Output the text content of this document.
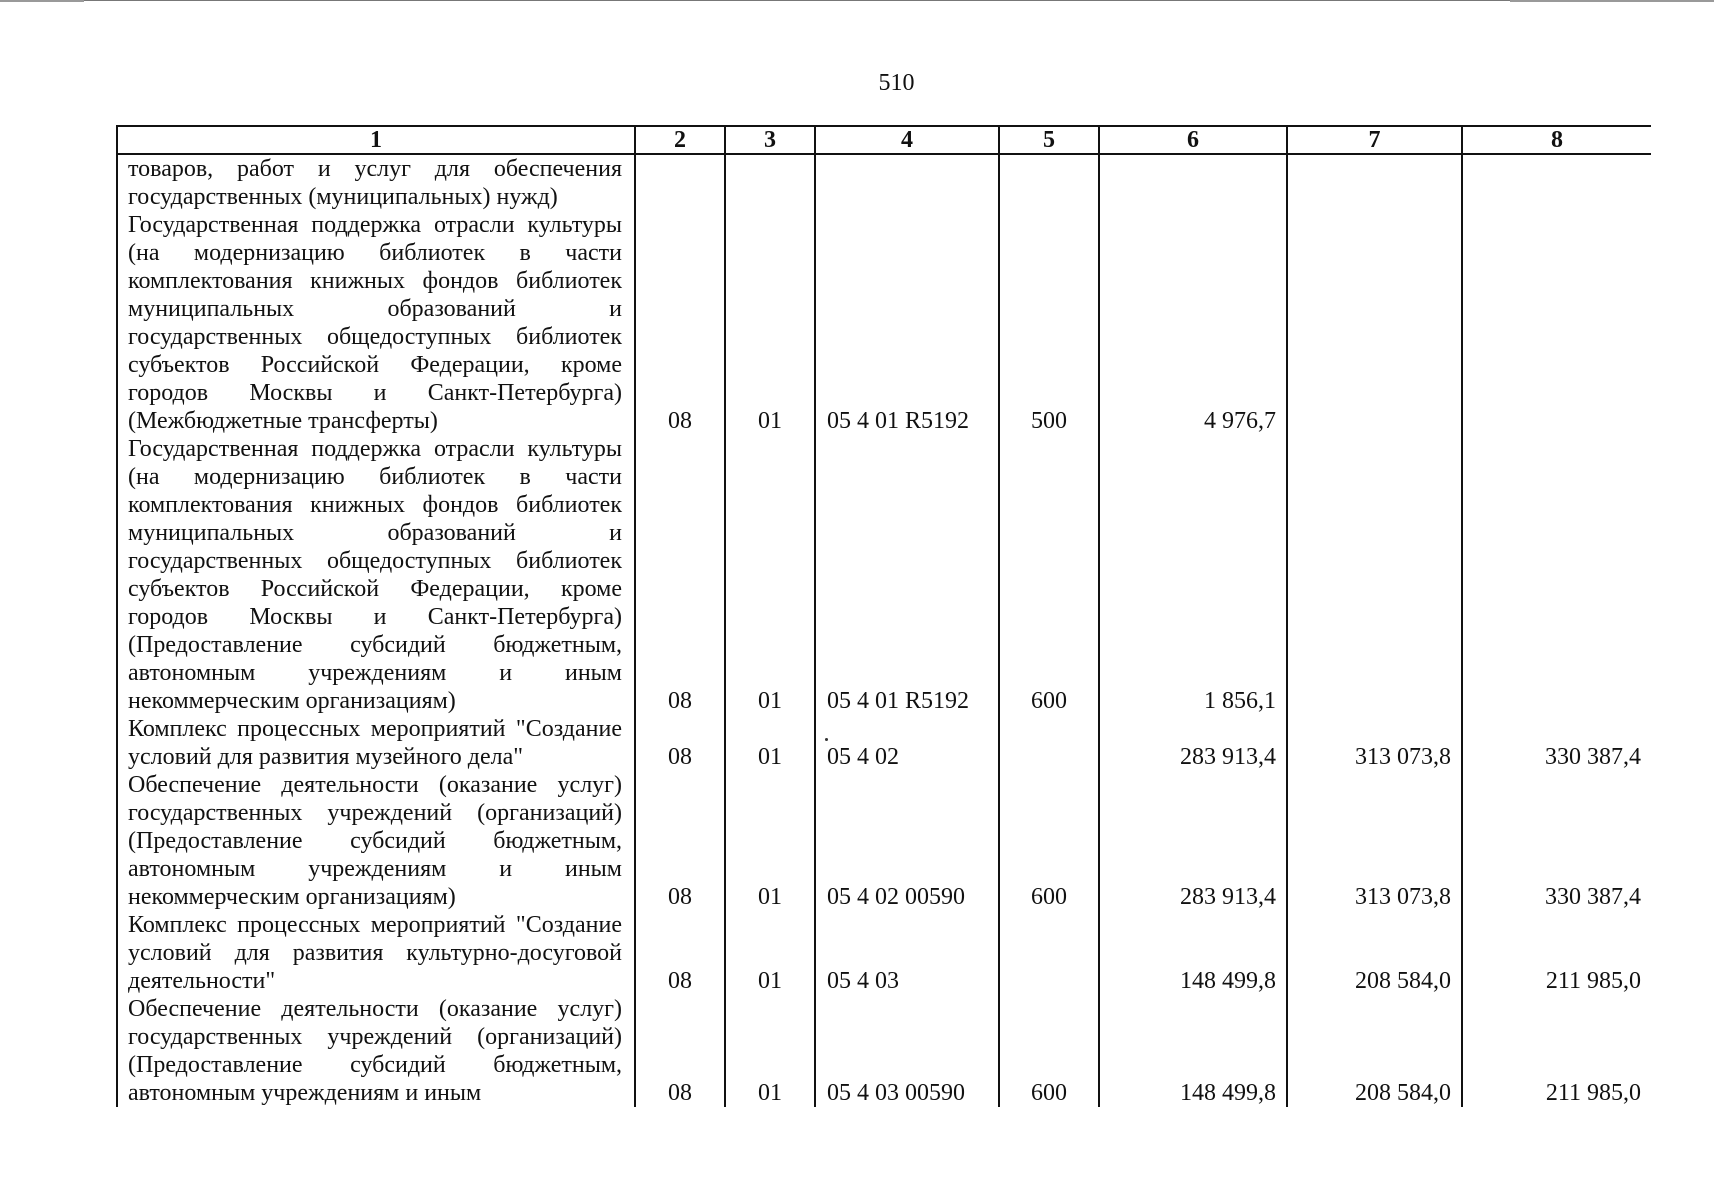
510
1	2	3	4	5	6	7	8
товаров, работ и услуг для обеспечения государственных (муниципальных) нужд)							
Государственная поддержка отрасли культуры (на модернизацию библиотек в части комплектования книжных фондов библиотек муниципальных образований и государственных общедоступных библиотек субъектов Российской Федерации, кроме городов Москвы и Санкт-Петербурга) (Межбюджетные трансферты)	08	01	05 4 01 R5192	500	4 976,7		
Государственная поддержка отрасли культуры (на модернизацию библиотек в части комплектования книжных фондов библиотек муниципальных образований и государственных общедоступных библиотек субъектов Российской Федерации, кроме городов Москвы и Санкт-Петербурга) (Предоставление субсидий бюджетным, автономным учреждениям и иным некоммерческим организациям)	08	01	05 4 01 R5192	600	1 856,1		
Комплекс процессных мероприятий "Создание условий для развития музейного дела"	08	01	05 4 02		283 913,4	313 073,8	330 387,4
Обеспечение деятельности (оказание услуг) государственных учреждений (организаций) (Предоставление субсидий бюджетным, автономным учреждениям и иным некоммерческим организациям)	08	01	05 4 02 00590	600	283 913,4	313 073,8	330 387,4
Комплекс процессных мероприятий "Создание условий для развития культурно-досуговой деятельности"	08	01	05 4 03		148 499,8	208 584,0	211 985,0
Обеспечение деятельности (оказание услуг) государственных учреждений (организаций) (Предоставление субсидий бюджетным, автономным учреждениям и иным	08	01	05 4 03 00590	600	148 499,8	208 584,0	211 985,0
